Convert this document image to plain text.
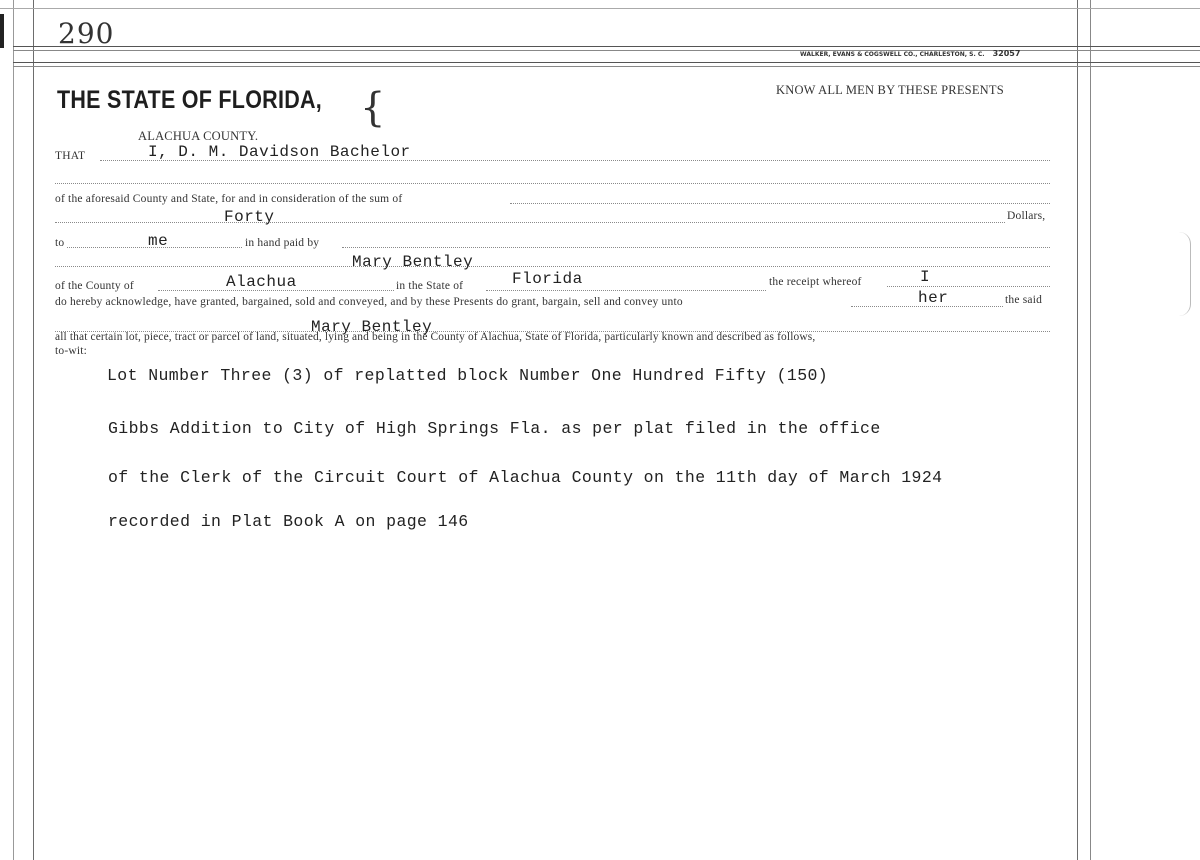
290
WALKER, EVANS & COGSWELL CO., CHARLESTON, S. C. 32057
THE STATE OF FLORIDA, {
ALACHUA COUNTY.
KNOW ALL MEN BY THESE PRESENTS
THAT	I, D. M. Davidson Bachelor
of the aforesaid County and State, for and in consideration of the sum of
Forty	Dollars,
to	me	in hand paid by
Mary Bentley
of the County of	Alachua	in the State of	Florida	the receipt whereof	I
do hereby acknowledge, have granted, bargained, sold and conveyed, and by these Presents do grant, bargain, sell and convey unto	her	the said
Mary Bentley
all that certain lot, piece, tract or parcel of land, situated, lying and being in the County of Alachua, State of Florida, particularly known and described as follows,
to-wit:
Lot Number Three (3) of replatted block Number One Hundred Fifty (150)
Gibbs Addition to City of High Springs Fla. as per plat filed in the office
of the Clerk of the Circuit Court of Alachua County on the 11th day of March 1924
recorded in Plat Book A on page 146
